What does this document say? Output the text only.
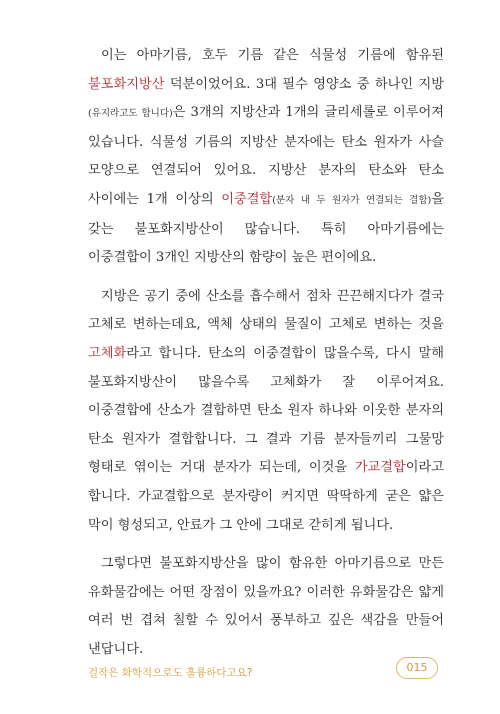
이는 아마기름, 호두 기름 같은 식물성 기름에 함유된 불포화지방산 덕분이었어요. 3대 필수 영양소 중 하나인 지방(유지라고도 합니다)은 3개의 지방산과 1개의 글리세롤로 이루어져 있습니다. 식물성 기름의 지방산 분자에는 탄소 원자가 사슬 모양으로 연결되어 있어요. 지방산 분자의 탄소와 탄소 사이에는 1개 이상의 이중결합(분자 내 두 원자가 연결되는 결합)을 갖는 불포화지방산이 많습니다. 특히 아마기름에는 이중결합이 3개인 지방산의 함량이 높은 편이에요.

지방은 공기 중에 산소를 흡수해서 점차 끈끈해지다가 결국 고체로 변하는데요, 액체 상태의 물질이 고체로 변하는 것을 고체화라고 합니다. 탄소의 이중결합이 많을수록, 다시 말해 불포화지방산이 많을수록 고체화가 잘 이루어져요. 이중결합에 산소가 결합하면 탄소 원자 하나와 이웃한 분자의 탄소 원자가 결합합니다. 그 결과 기름 분자들끼리 그물망 형태로 엮이는 거대 분자가 되는데, 이것을 가교결합이라고 합니다. 가교결합으로 분자량이 커지면 딱딱하게 굳은 얇은 막이 형성되고, 안료가 그 안에 그대로 갇히게 됩니다.

그렇다면 불포화지방산을 많이 함유한 아마기름으로 만든 유화물감에는 어떤 장점이 있을까요? 이러한 유화물감은 얇게 여러 번 겹쳐 칠할 수 있어서 풍부하고 깊은 색감을 만들어 낸답니다.

걸작은 화학적으로도 훌륭하다고요?	015
